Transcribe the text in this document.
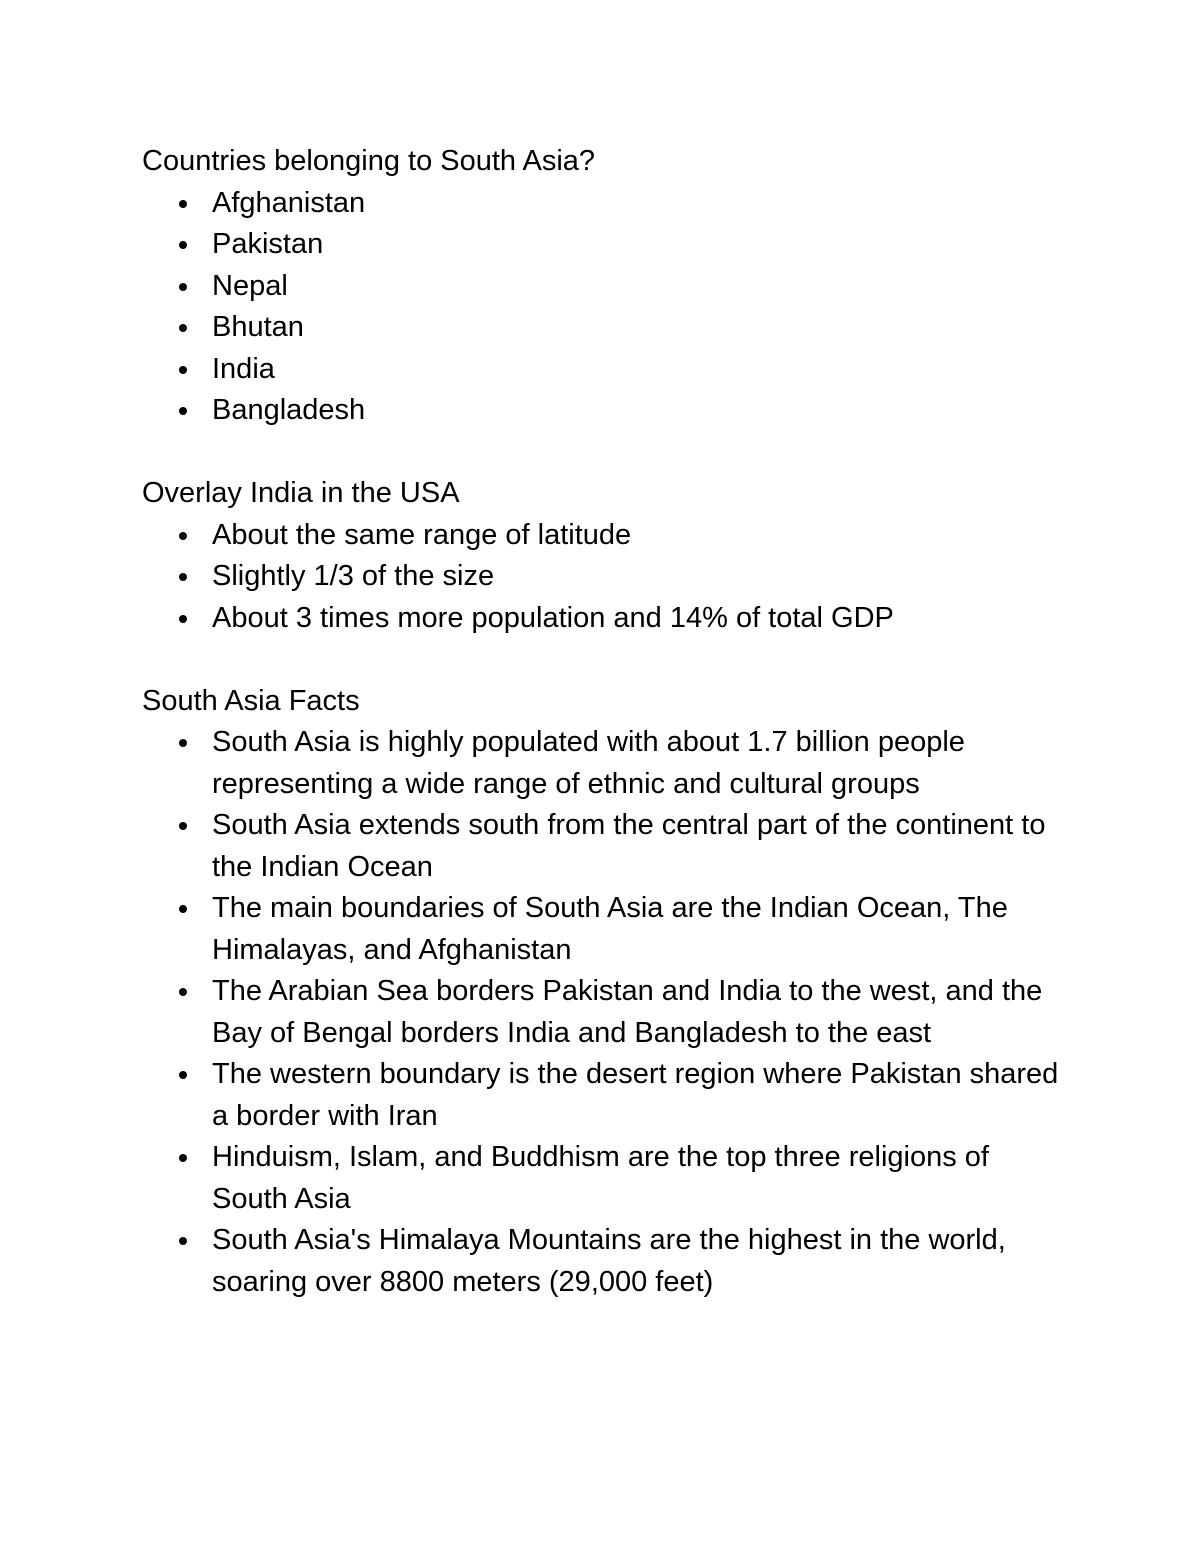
Countries belonging to South Asia?

Afghanistan
Pakistan
Nepal
Bhutan
India
Bangladesh

Overlay India in the USA

About the same range of latitude
Slightly 1/3 of the size
About 3 times more population and 14% of total GDP

South Asia Facts

South Asia is highly populated with about 1.7 billion people representing a wide range of ethnic and cultural groups
South Asia extends south from the central part of the continent to the Indian Ocean
The main boundaries of South Asia are the Indian Ocean, The Himalayas, and Afghanistan
The Arabian Sea borders Pakistan and India to the west, and the Bay of Bengal borders India and Bangladesh to the east
The western boundary is the desert region where Pakistan shared a border with Iran
Hinduism, Islam, and Buddhism are the top three religions of South Asia
South Asia's Himalaya Mountains are the highest in the world, soaring over 8800 meters (29,000 feet)
